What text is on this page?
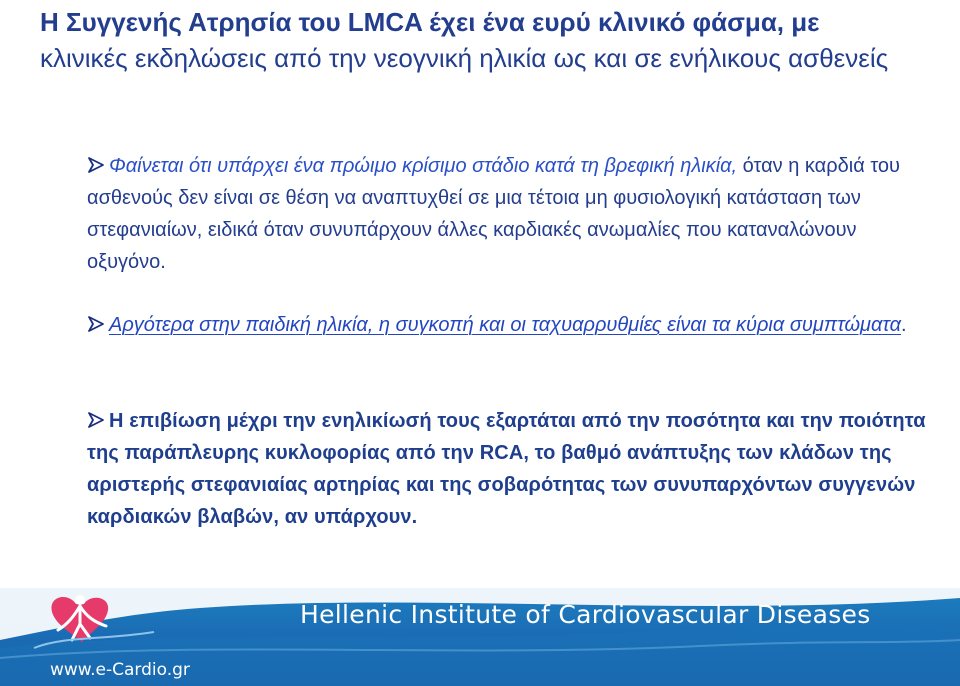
Η Συγγενής Ατρησία του LMCA έχει ένα ευρύ κλινικό φάσμα, με
κλινικές εκδηλώσεις από την νεογνική ηλικία ως και σε ενήλικους ασθενείς

Φαίνεται ότι υπάρχει ένα πρώιμο κρίσιμο στάδιο κατά τη βρεφική ηλικία, όταν η καρδιά του ασθενούς δεν είναι σε θέση να αναπτυχθεί σε μια τέτοια μη φυσιολογική κατάσταση των στεφανιαίων, ειδικά όταν συνυπάρχουν άλλες καρδιακές ανωμαλίες που καταναλώνουν οξυγόνο.

Αργότερα στην παιδική ηλικία, η συγκοπή και οι ταχυαρρυθμίες είναι τα κύρια συμπτώματα.

Η επιβίωση μέχρι την ενηλικίωσή τους εξαρτάται από την ποσότητα και την ποιότητα της παράπλευρης κυκλοφορίας από την RCA, το βαθμό ανάπτυξης των κλάδων της αριστερής στεφανιαίας αρτηρίας και της σοβαρότητας των συνυπαρχόντων συγγενών καρδιακών βλαβών, αν υπάρχουν.

Hellenic Institute of Cardiovascular Diseases
www.e-Cardio.gr
